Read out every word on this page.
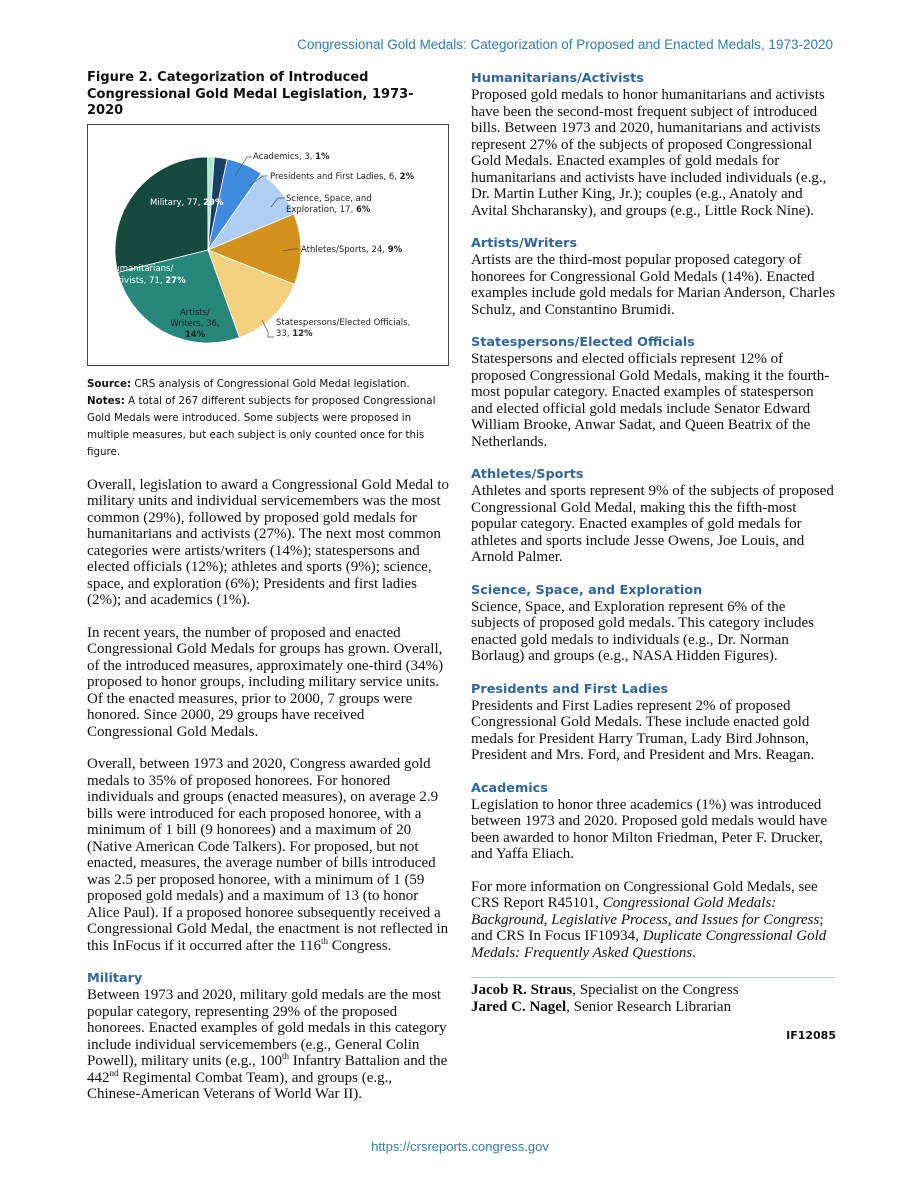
Congressional Gold Medals: Categorization of Proposed and Enacted Medals, 1973-2020
Figure 2. Categorization of Introduced Congressional Gold Medal Legislation, 1973-2020
Academics, 3, 1%
Presidents and First Ladies, 6, 2%
Science, Space, and
Exploration, 17, 6%
Athletes/Sports, 24, 9%
Statespersons/Elected Officials,
33, 12%
Artists/
Writers, 36,
14%
Humanitarians/
Activists, 71, 27%
Military, 77, 29%

Source: CRS analysis of Congressional Gold Medal legislation.

Notes: A total of 267 different subjects for proposed Congressional Gold Medals were introduced. Some subjects were proposed in multiple measures, but each subject is only counted once for this figure.

Overall, legislation to award a Congressional Gold Medal to military units and individual servicemembers was the most common (29%), followed by proposed gold medals for humanitarians and activists (27%). The next most common categories were artists/writers (14%); statespersons and elected officials (12%); athletes and sports (9%); science, space, and exploration (6%); Presidents and first ladies (2%); and academics (1%).

In recent years, the number of proposed and enacted Congressional Gold Medals for groups has grown. Overall, of the introduced measures, approximately one-third (34%) proposed to honor groups, including military service units. Of the enacted measures, prior to 2000, 7 groups were honored. Since 2000, 29 groups have received Congressional Gold Medals.

Overall, between 1973 and 2020, Congress awarded gold medals to 35% of proposed honorees. For honored individuals and groups (enacted measures), on average 2.9 bills were introduced for each proposed honoree, with a minimum of 1 bill (9 honorees) and a maximum of 20 (Native American Code Talkers). For proposed, but not enacted, measures, the average number of bills introduced was 2.5 per proposed honoree, with a minimum of 1 (59 proposed gold medals) and a maximum of 13 (to honor Alice Paul). If a proposed honoree subsequently received a Congressional Gold Medal, the enactment is not reflected in this InFocus if it occurred after the 116th Congress.

Military

Between 1973 and 2020, military gold medals are the most popular category, representing 29% of the proposed honorees. Enacted examples of gold medals in this category include individual servicemembers (e.g., General Colin Powell), military units (e.g., 100th Infantry Battalion and the 442nd Regimental Combat Team), and groups (e.g., Chinese-American Veterans of World War II).

Humanitarians/Activists

Proposed gold medals to honor humanitarians and activists have been the second-most frequent subject of introduced bills. Between 1973 and 2020, humanitarians and activists represent 27% of the subjects of proposed Congressional Gold Medals. Enacted examples of gold medals for humanitarians and activists have included individuals (e.g., Dr. Martin Luther King, Jr.); couples (e.g., Anatoly and Avital Shcharansky), and groups (e.g., Little Rock Nine).

Artists/Writers

Artists are the third-most popular proposed category of honorees for Congressional Gold Medals (14%). Enacted examples include gold medals for Marian Anderson, Charles Schulz, and Constantino Brumidi.

Statespersons/Elected Officials

Statespersons and elected officials represent 12% of proposed Congressional Gold Medals, making it the fourth-most popular category. Enacted examples of statesperson and elected official gold medals include Senator Edward William Brooke, Anwar Sadat, and Queen Beatrix of the Netherlands.

Athletes/Sports

Athletes and sports represent 9% of the subjects of proposed Congressional Gold Medal, making this the fifth-most popular category. Enacted examples of gold medals for athletes and sports include Jesse Owens, Joe Louis, and Arnold Palmer.

Science, Space, and Exploration

Science, Space, and Exploration represent 6% of the subjects of proposed gold medals. This category includes enacted gold medals to individuals (e.g., Dr. Norman Borlaug) and groups (e.g., NASA Hidden Figures).

Presidents and First Ladies

Presidents and First Ladies represent 2% of proposed Congressional Gold Medals. These include enacted gold medals for President Harry Truman, Lady Bird Johnson, President and Mrs. Ford, and President and Mrs. Reagan.

Academics

Legislation to honor three academics (1%) was introduced between 1973 and 2020. Proposed gold medals would have been awarded to honor Milton Friedman, Peter F. Drucker, and Yaffa Eliach.

For more information on Congressional Gold Medals, see CRS Report R45101, Congressional Gold Medals: Background, Legislative Process, and Issues for Congress; and CRS In Focus IF10934, Duplicate Congressional Gold Medals: Frequently Asked Questions.

Jacob R. Straus, Specialist on the Congress

Jared C. Nagel, Senior Research Librarian

IF12085
https://crsreports.congress.gov
